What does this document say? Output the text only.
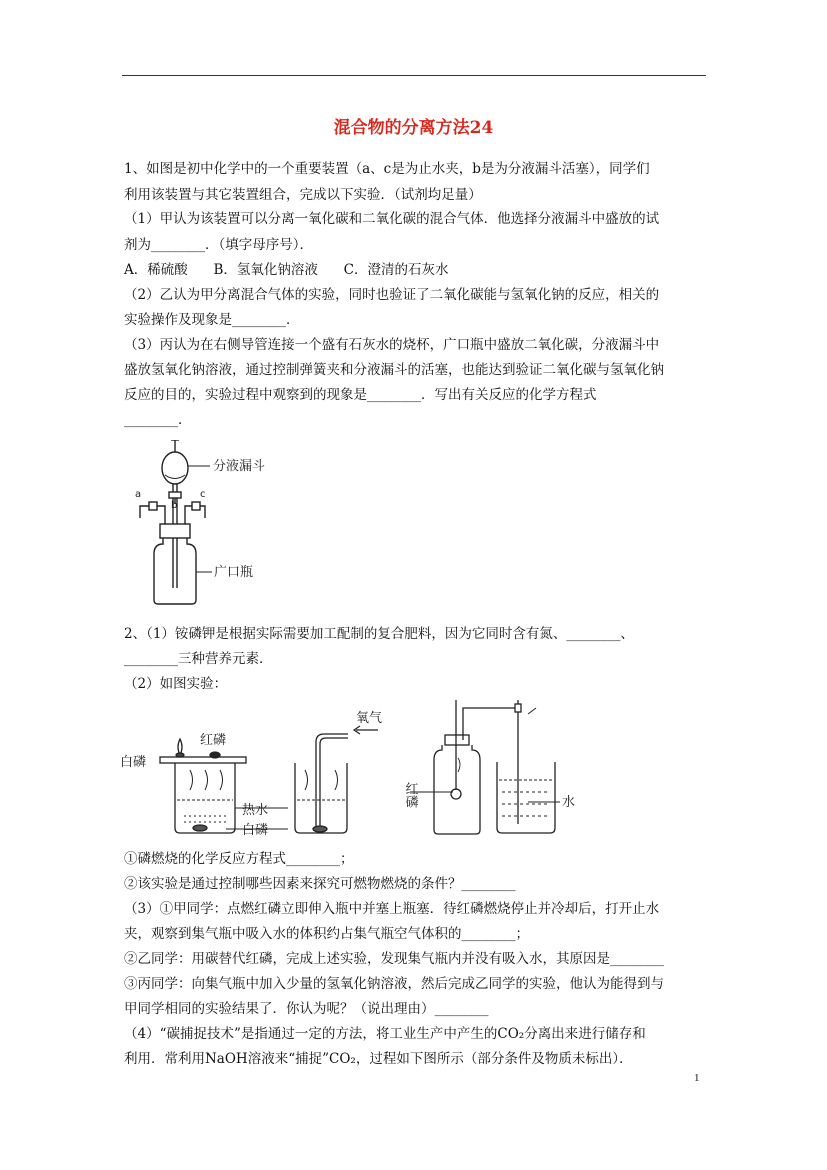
混合物的分离方法24
1、如图是初中化学中的一个重要装置（a、c是为止水夹，b是为分液漏斗活塞），同学们
利用该装置与其它装置组合，完成以下实验．（试剂均足量）
（1）甲认为该装置可以分离一氧化碳和二氧化碳的混合气体．他选择分液漏斗中盛放的试
剂为________．（填字母序号）．
A．稀硫酸      B．氢氧化钠溶液      C．澄清的石灰水
（2）乙认为甲分离混合气体的实验，同时也验证了二氧化碳能与氢氧化钠的反应，相关的
实验操作及现象是________．
（3）丙认为在右侧导管连接一个盛有石灰水的烧杯，广口瓶中盛放二氧化碳，分液漏斗中
盛放氢氧化钠溶液，通过控制弹簧夹和分液漏斗的活塞，也能达到验证二氧化碳与氢氧化钠
反应的目的，实验过程中观察到的现象是________．写出有关反应的化学方程式
________．
a
b
c
分液漏斗
广口瓶
2、（1）铵磷钾是根据实际需要加工配制的复合肥料，因为它同时含有氮、________、
________三种营养元素．
（2）如图实验：
白磷
红磷
热水
白磷
氧气
红磷	水
①磷燃烧的化学反应方程式________；
②该实验是通过控制哪些因素来探究可燃物燃烧的条件？________
（3）①甲同学：点燃红磷立即伸入瓶中并塞上瓶塞．待红磷燃烧停止并冷却后，打开止水
夹，观察到集气瓶中吸入水的体积约占集气瓶空气体积的________；
②乙同学：用碳替代红磷，完成上述实验，发现集气瓶内并没有吸入水，其原因是________
③丙同学：向集气瓶中加入少量的氢氧化钠溶液，然后完成乙同学的实验，他认为能得到与
甲同学相同的实验结果了．你认为呢？（说出理由）________
（4）“碳捕捉技术”是指通过一定的方法，将工业生产中产生的CO₂分离出来进行储存和
利用．常利用NaOH溶液来“捕捉”CO₂，过程如下图所示（部分条件及物质未标出）．
1
